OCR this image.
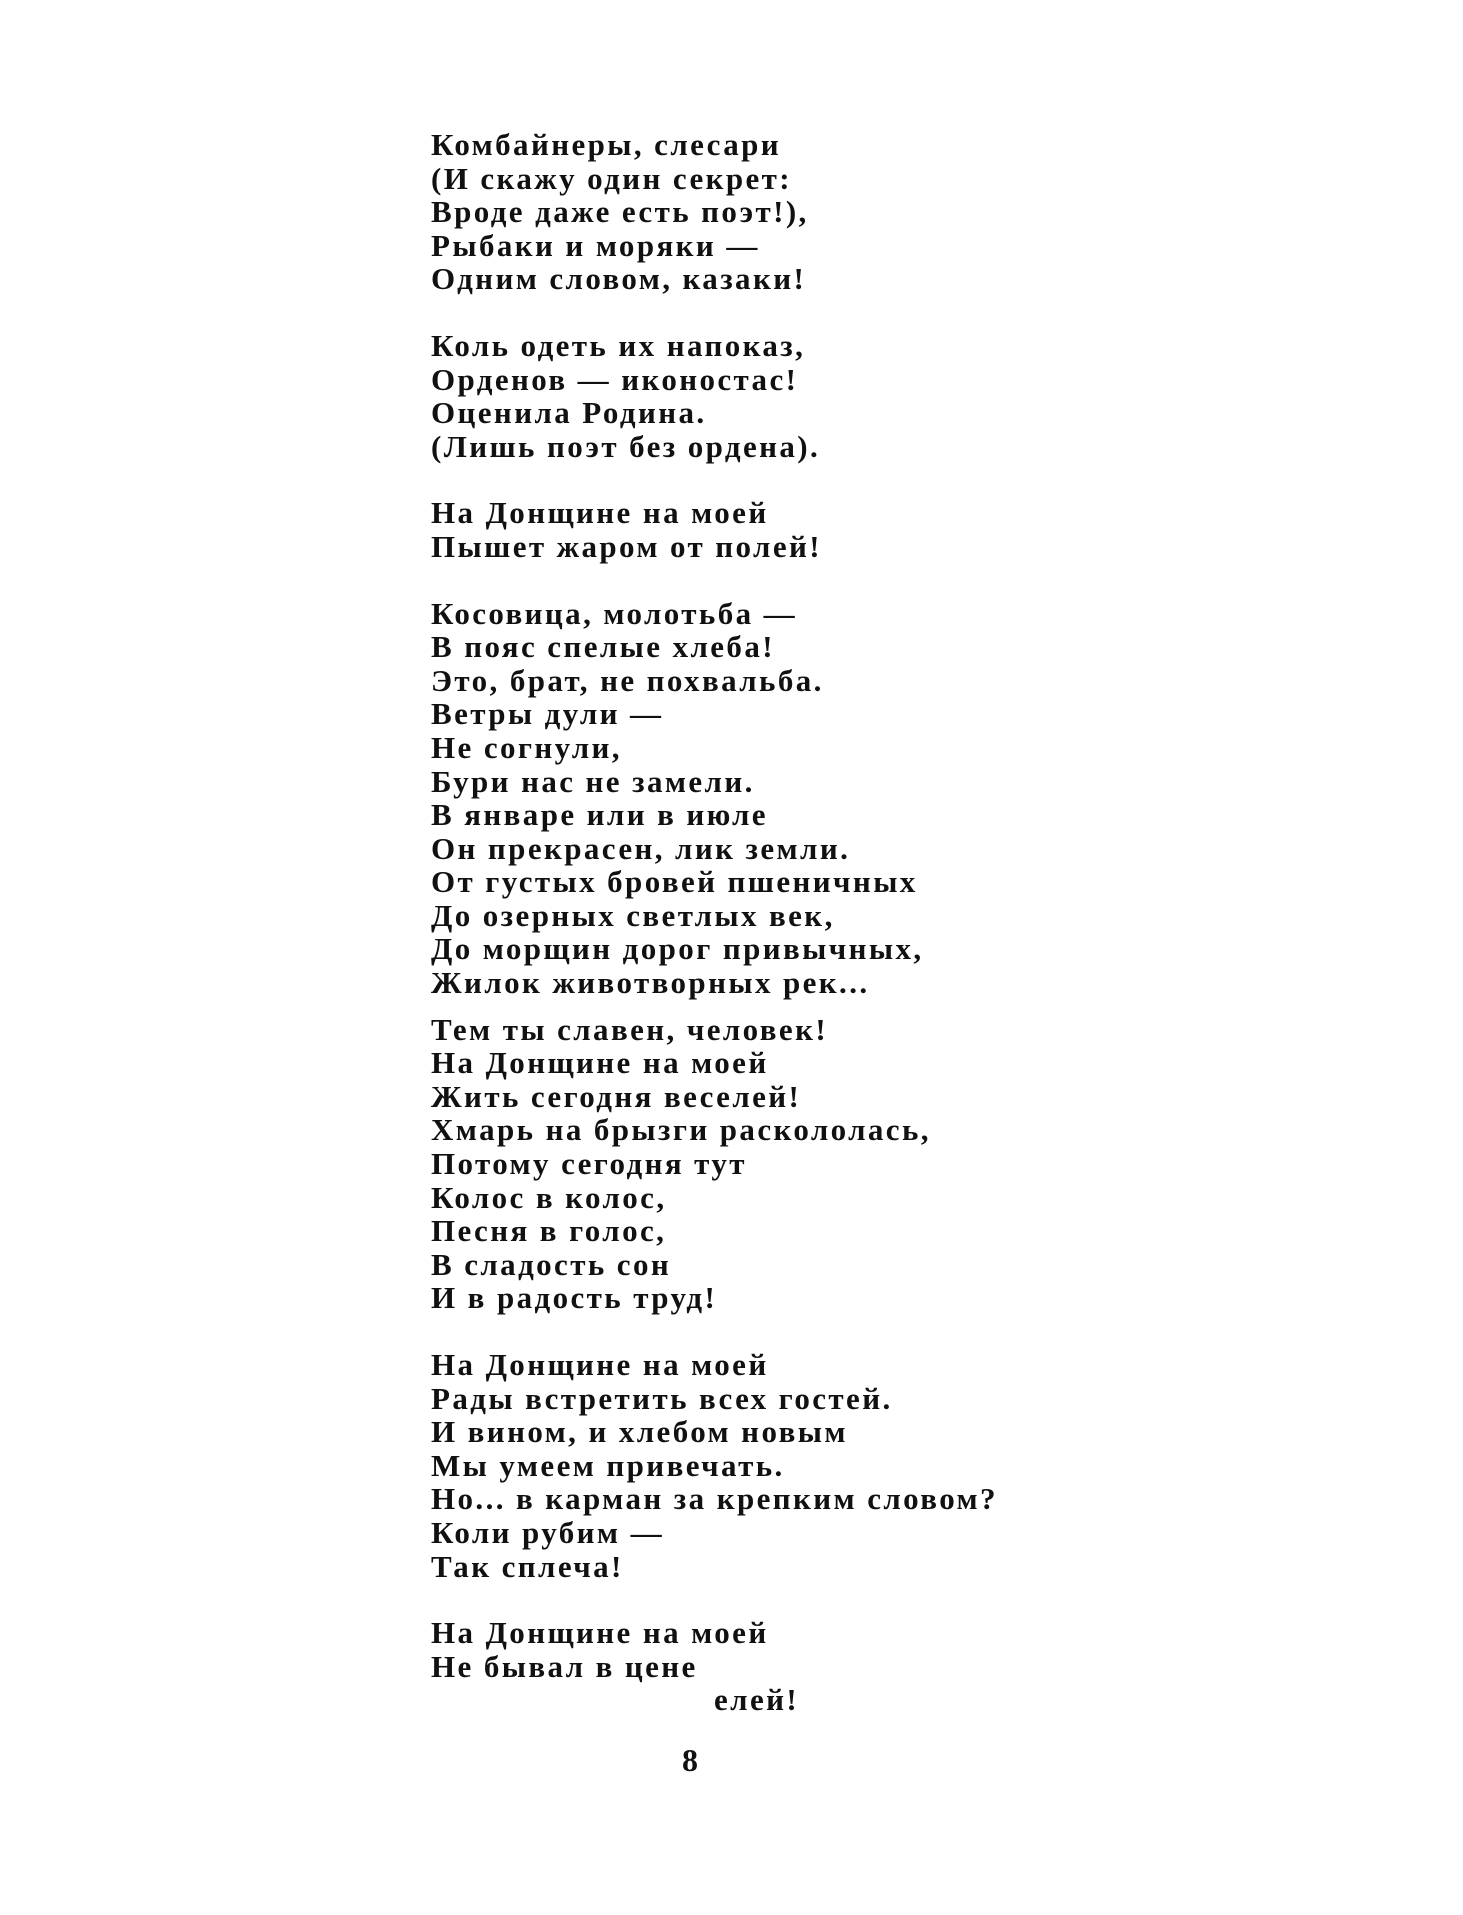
Комбайнеры, слесари
(И скажу один секрет:
Вроде даже есть поэт!),
Рыбаки и моряки —
Одним словом, казаки!
Коль одеть их напоказ,
Орденов — иконостас!
Оценила Родина.
(Лишь поэт без ордена).
На Донщине на моей
Пышет жаром от полей!
Косовица, молотьба —
В пояс спелые хлеба!
Это, брат, не похвальба.
Ветры дули —
Не согнули,
Бури нас не замели.
В январе или в июле
Он прекрасен, лик земли.
От густых бровей пшеничных
До озерных светлых век,
До морщин дорог привычных,
Жилок животворных рек...
Тем ты славен, человек!
На Донщине на моей
Жить сегодня веселей!
Хмарь на брызги раскололась,
Потому сегодня тут
Колос в колос,
Песня в голос,
В сладость сон
И в радость труд!
На Донщине на моей
Рады встретить всех гостей.
И вином, и хлебом новым
Мы умеем привечать.
Но... в карман за крепким словом?
Коли рубим —
Так сплеча!
На Донщине на моей
Не бывал в цене
елей!
8
